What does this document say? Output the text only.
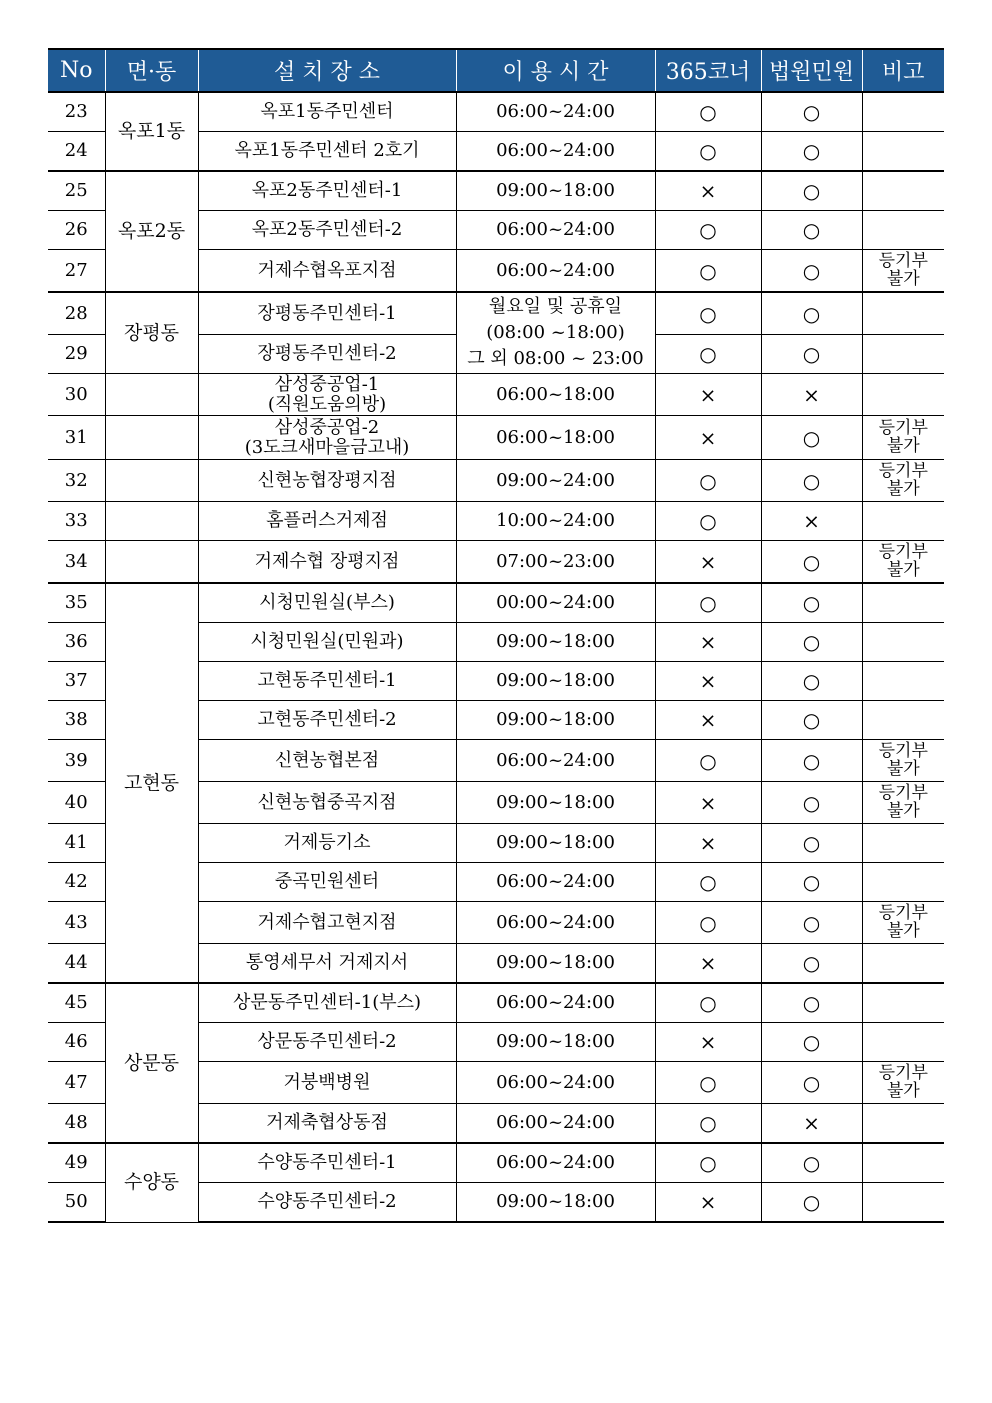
No	면·동	설 치 장 소	이 용 시 간	365코너	법원민원	비고
23	옥포1동	옥포1동주민센터	06:00~24:00	○	○	
24		옥포1동주민센터 2호기	06:00~24:00	○	○	
25	옥포2동	옥포2동주민센터-1	09:00~18:00	×	○	
26		옥포2동주민센터-2	06:00~24:00	○	○	
27		거제수협옥포지점	06:00~24:00	○	○	등기부
불가

28	장평동	장평동주민센터-1	월요일 및 공휴일
(08:00 ~18:00)
그 외 08:00 ~ 23:00	○	○	
29		장평동주민센터-2		○	○	
30		삼성중공업-1
(직원도움의방)	06:00~18:00	×	×	
31		삼성중공업-2
(3도크새마을금고내)	06:00~18:00	×	○	등기부
불가

32		신현농협장평지점	09:00~24:00	○	○	등기부
불가

33		홈플러스거제점	10:00~24:00	○	×	
34		거제수협 장평지점	07:00~23:00	×	○	등기부
불가

35	고현동	시청민원실(부스)	00:00~24:00	○	○	
36		시청민원실(민원과)	09:00~18:00	×	○	
37		고현동주민센터-1	09:00~18:00	×	○	
38		고현동주민센터-2	09:00~18:00	×	○	
39		신현농협본점	06:00~24:00	○	○	등기부
불가

40		신현농협중곡지점	09:00~18:00	×	○	등기부
불가

41		거제등기소	09:00~18:00	×	○	
42		중곡민원센터	06:00~24:00	○	○	
43		거제수협고현지점	06:00~24:00	○	○	등기부
불가

44		통영세무서 거제지서	09:00~18:00	×	○	
45	상문동	상문동주민센터-1(부스)	06:00~24:00	○	○	
46		상문동주민센터-2	09:00~18:00	×	○	
47		거붕백병원	06:00~24:00	○	○	등기부
불가

48		거제축협상동점	06:00~24:00	○	×	
49	수양동	수양동주민센터-1	06:00~24:00	○	○	
50		수양동주민센터-2	09:00~18:00	×	○	
